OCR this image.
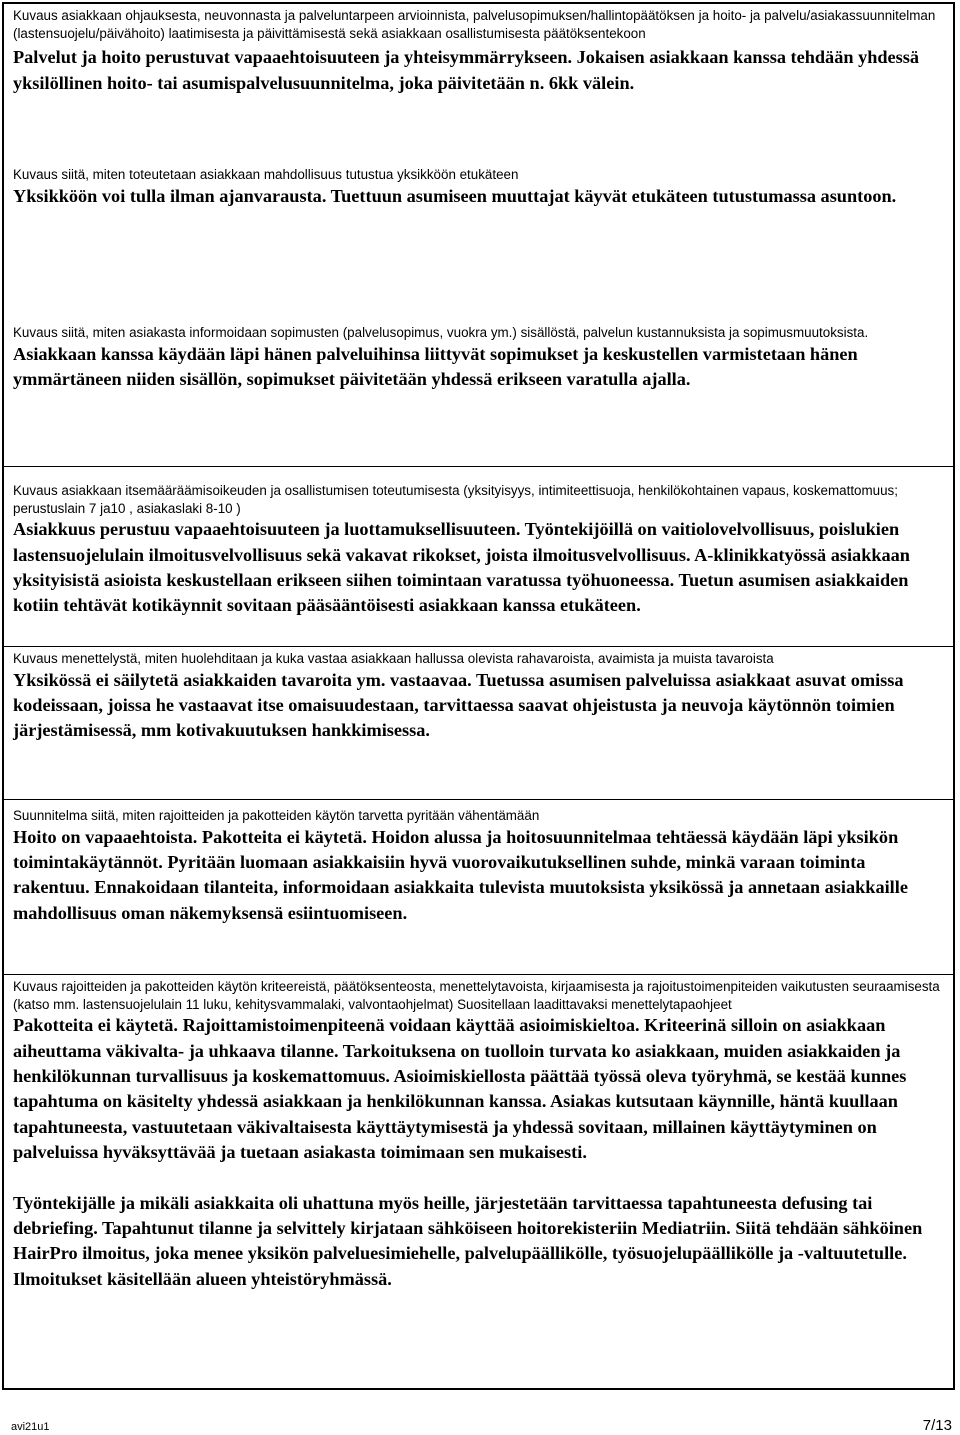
Kuvaus asiakkaan ohjauksesta, neuvonnasta ja palveluntarpeen arvioinnista, palvelusopimuksen/hallintopäätöksen ja hoito- ja palvelu/asiakassuunnitelman (lastensuojelu/päivähoito) laatimisesta ja päivittämisestä sekä asiakkaan osallistumisesta päätöksentekoon

Palvelut ja hoito perustuvat vapaaehtoisuuteen ja yhteisymmärrykseen. Jokaisen asiakkaan kanssa tehdään yhdessä yksilöllinen hoito- tai asumispalvelusuunnitelma, joka päivitetään n. 6kk välein.

Kuvaus siitä, miten toteutetaan asiakkaan mahdollisuus tutustua yksikköön etukäteen

Yksikköön voi tulla ilman ajanvarausta. Tuettuun asumiseen muuttajat käyvät etukäteen tutustumassa asuntoon.

Kuvaus siitä, miten asiakasta informoidaan sopimusten (palvelusopimus, vuokra ym.) sisällöstä, palvelun kustannuksista ja sopimusmuutoksista.

Asiakkaan kanssa käydään läpi hänen palveluihinsa liittyvät sopimukset ja keskustellen varmistetaan hänen ymmärtäneen niiden sisällön, sopimukset päivitetään yhdessä erikseen varatulla ajalla.

Kuvaus asiakkaan itsemääräämisoikeuden ja osallistumisen toteutumisesta (yksityisyys, intimiteettisuoja, henkilökohtainen vapaus, koskemattomuus; perustuslain 7 ja10 , asiakaslaki 8-10 )

Asiakkuus perustuu vapaaehtoisuuteen ja luottamuksellisuuteen. Työntekijöillä on vaitiolovelvollisuus, poislukien lastensuojelulain ilmoitusvelvollisuus sekä vakavat rikokset, joista ilmoitusvelvollisuus. A-klinikkatyössä asiakkaan yksityisistä asioista keskustellaan erikseen siihen toimintaan varatussa työhuoneessa. Tuetun asumisen asiakkaiden kotiin tehtävät kotikäynnit sovitaan pääsääntöisesti asiakkaan kanssa etukäteen.

Kuvaus menettelystä, miten huolehditaan ja kuka vastaa asiakkaan hallussa olevista rahavaroista, avaimista ja muista tavaroista

Yksikössä ei säilytetä asiakkaiden tavaroita ym. vastaavaa. Tuetussa asumisen palveluissa asiakkaat asuvat omissa kodeissaan, joissa he vastaavat itse omaisuudestaan, tarvittaessa saavat ohjeistusta ja neuvoja käytönnön toimien järjestämisessä, mm kotivakuutuksen hankkimisessa.

Suunnitelma siitä, miten rajoitteiden ja pakotteiden käytön tarvetta pyritään vähentämään

Hoito on vapaaehtoista. Pakotteita ei käytetä. Hoidon alussa ja hoitosuunnitelmaa tehtäessä käydään läpi yksikön toimintakäytännöt. Pyritään luomaan asiakkaisiin hyvä vuorovaikutuksellinen suhde, minkä varaan toiminta rakentuu. Ennakoidaan tilanteita, informoidaan asiakkaita tulevista muutoksista yksikössä ja annetaan asiakkaille mahdollisuus oman näkemyksensä esiintuomiseen.

Kuvaus rajoitteiden ja pakotteiden käytön kriteereistä, päätöksenteosta, menettelytavoista, kirjaamisesta ja rajoitustoimenpiteiden vaikutusten seuraamisesta (katso mm. lastensuojelulain 11 luku, kehitysvammalaki, valvontaohjelmat) Suositellaan laadittavaksi menettelytapaohjeet

Pakotteita ei käytetä. Rajoittamistoimenpiteenä voidaan käyttää asioimiskieltoa. Kriteerinä silloin on asiakkaan aiheuttama väkivalta- ja uhkaava tilanne. Tarkoituksena on tuolloin turvata ko asiakkaan, muiden asiakkaiden ja henkilökunnan turvallisuus ja koskemattomuus. Asioimiskiellosta päättää työssä oleva työryhmä, se kestää kunnes tapahtuma on käsitelty yhdessä asiakkaan ja henkilökunnan kanssa. Asiakas kutsutaan käynnille, häntä kuullaan tapahtuneesta, vastuutetaan väkivaltaisesta käyttäytymisestä ja yhdessä sovitaan, millainen käyttäytyminen on palveluissa hyväksyttävää ja tuetaan asiakasta toimimaan sen mukaisesti.

Työntekijälle ja mikäli asiakkaita oli uhattuna myös heille, järjestetään tarvittaessa tapahtuneesta defusing tai debriefing. Tapahtunut tilanne ja selvittely kirjataan sähköiseen hoitorekisteriin Mediatriin. Siitä tehdään sähköinen HairPro ilmoitus, joka menee yksikön palveluesimiehelle, palvelupäällikölle, työsuojelupäällikölle ja -valtuutetulle. Ilmoitukset käsitellään alueen yhteistöryhmässä.

avi21u1	7/13
